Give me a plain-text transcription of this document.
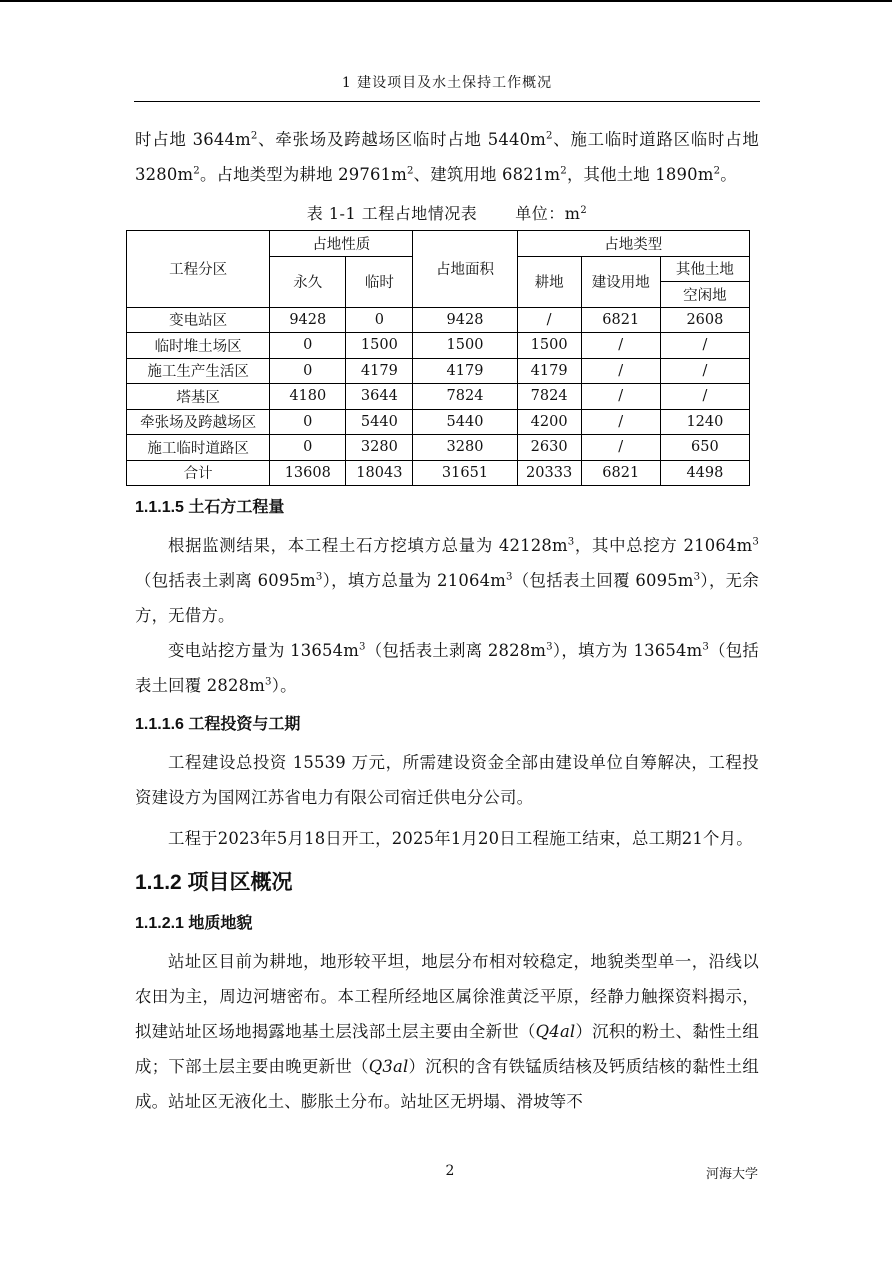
1 建设项目及水土保持工作概况

时占地 $3644m^2$、牵张场及跨越场区临时占地 $5440m^2$、施工临时道路区临时占地 $3280m^2$。占地类型为耕地 $29761m^2$、建筑用地 $6821m^2$，其他土地 $1890m^2$。

表 1-1 工程占地情况表 单位：$m^2$
工程分区	占地性质		占地面积	占地类型		
	永久	临时		耕地	建设用地	其他土地
						空闲地
变电站区	9428	0	9428	/	6821	2608
临时堆土场区	0	1500	1500	1500	/	/
施工生产生活区	0	4179	4179	4179	/	/
塔基区	4180	3644	7824	7824	/	/
牵张场及跨越场区	0	5440	5440	4200	/	1240
施工临时道路区	0	3280	3280	2630	/	650
合计	13608	18043	31651	20333	6821	4498
1.1.1.5 土石方工程量

根据监测结果，本工程土石方挖填方总量为 $42128m^3$，其中总挖方 $21064m^3$（包括表土剥离 $6095m^3$），填方总量为 $21064m^3$（包括表土回覆 $6095m^3$），无余方，无借方。

变电站挖方量为 $13654m^3$（包括表土剥离 $2828m^3$），填方为 $13654m^3$（包括表土回覆 $2828m^3$）。

1.1.1.6 工程投资与工期

工程建设总投资 15539 万元，所需建设资金全部由建设单位自筹解决，工程投资建设方为国网江苏省电力有限公司宿迁供电分公司。

工程于2023年5月18日开工，2025年1月20日工程施工结束，总工期21个月。

1.1.2 项目区概况
1.1.2.1 地质地貌

站址区目前为耕地，地形较平坦，地层分布相对较稳定，地貌类型单一，沿线以农田为主，周边河塘密布。本工程所经地区属徐淮黄泛平原，经静力触探资料揭示，拟建站址区场地揭露地基土层浅部土层主要由全新世（Q4al）沉积的粉土、黏性土组成；下部土层主要由晚更新世（Q3al）沉积的含有铁锰质结核及钙质结核的黏性土组成。站址区无液化土、膨胀土分布。站址区无坍塌、滑坡等不

2	河海大学
